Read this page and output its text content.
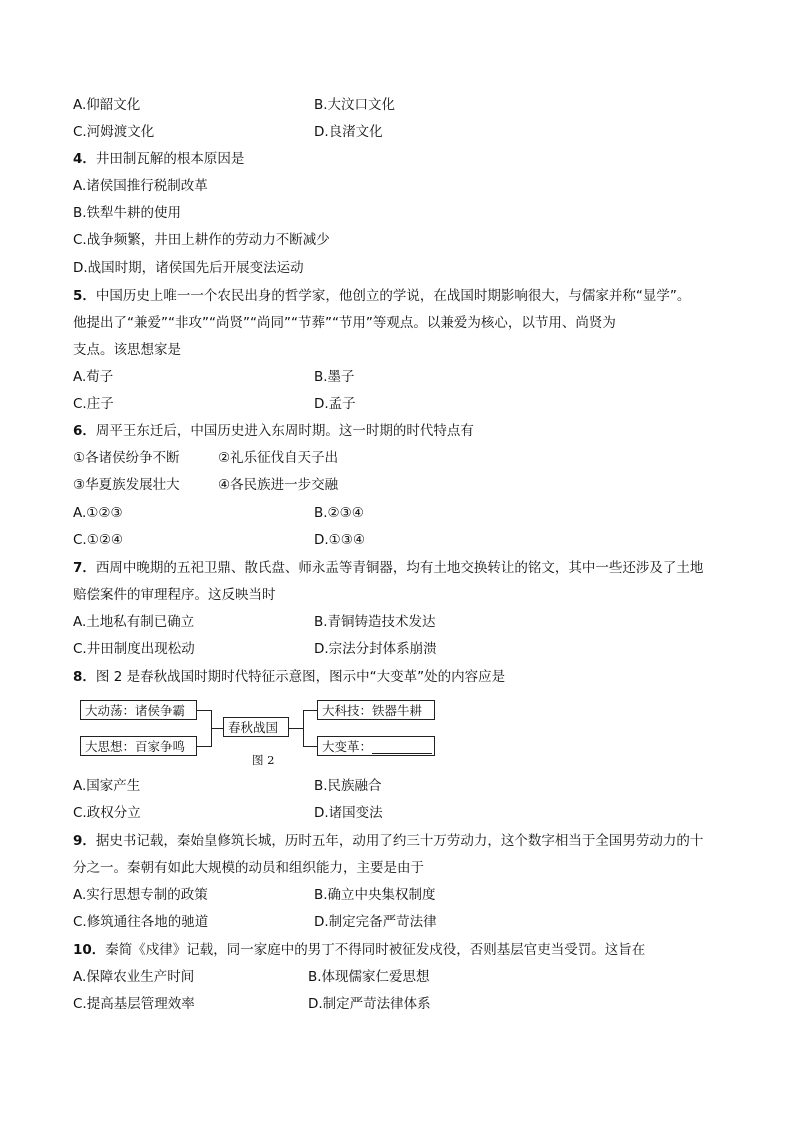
A.仰韶文化	B.大汶口文化
C.河姆渡文化	D.良渚文化
4．井田制瓦解的根本原因是
A.诸侯国推行税制改革
B.铁犁牛耕的使用
C.战争频繁，井田上耕作的劳动力不断减少
D.战国时期，诸侯国先后开展变法运动
5．中国历史上唯一一个农民出身的哲学家，他创立的学说，在战国时期影响很大，与儒家并称“显学”。
他提出了“兼爱”“非攻”“尚贤”“尚同”“节葬”“节用”等观点。以兼爱为核心，以节用、尚贤为
支点。该思想家是
A.荀子	B.墨子
C.庄子	D.孟子
6．周平王东迁后，中国历史进入东周时期。这一时期的时代特点有
①各诸侯纷争不断	②礼乐征伐自天子出
③华夏族发展壮大	④各民族进一步交融
A.①②③	B.②③④
C.①②④	D.①③④
7．西周中晚期的五祀卫鼎、散氏盘、师永盂等青铜器，均有土地交换转让的铭文，其中一些还涉及了土地
赔偿案件的审理程序。这反映当时
A.土地私有制已确立	B.青铜铸造技术发达
C.井田制度出现松动	D.宗法分封体系崩溃
8．图 2 是春秋战国时期时代特征示意图，图示中“大变革”处的内容应是
大动荡：诸侯争霸
大思想：百家争鸣
春秋战国
大科技：铁器牛耕
大变革：
图 2
A.国家产生	B.民族融合
C.政权分立	D.诸国变法
9．据史书记载，秦始皇修筑长城，历时五年，动用了约三十万劳动力，这个数字相当于全国男劳动力的十
分之一。秦朝有如此大规模的动员和组织能力，主要是由于
A.实行思想专制的政策	B.确立中央集权制度
C.修筑通往各地的驰道	D.制定完备严苛法律
10．秦简《戍律》记载，同一家庭中的男丁不得同时被征发戍役，否则基层官吏当受罚。这旨在
A.保障农业生产时间	B.体现儒家仁爱思想
C.提高基层管理效率	D.制定严苛法律体系
